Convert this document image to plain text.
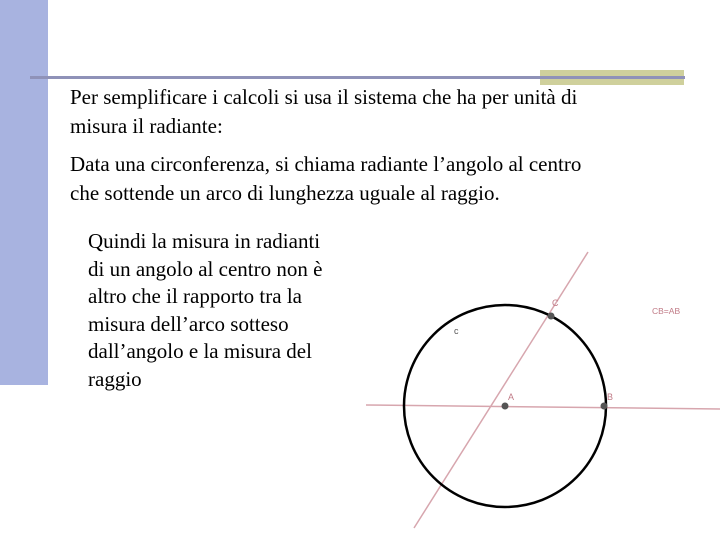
Per semplificare i calcoli si usa il sistema che ha per unità di
misura il radiante:

Data una circonferenza, si chiama radiante l’angolo al centro
che sottende un arco di lunghezza uguale al raggio.

Quindi la misura in radianti
di un angolo al centro non è
altro che il rapporto tra la
misura dell’arco sotteso
dall’angolo e la misura del
raggio

C
c
A	B
CB=AB
